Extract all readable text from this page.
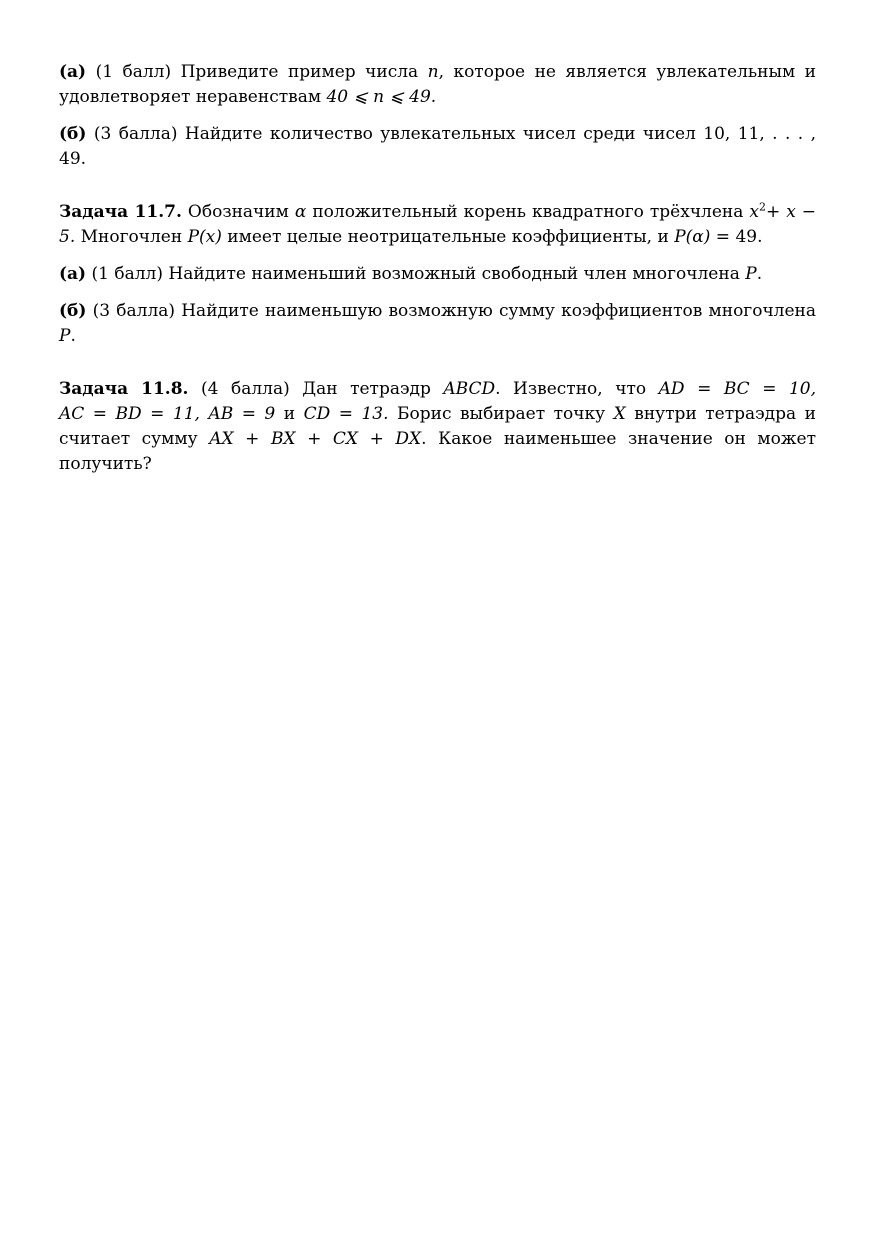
(а) (1 балл) Приведите пример числа n, которое не является увлекательным и удовлетворяет неравенствам 40 ⩽ n ⩽ 49.

(б) (3 балла) Найдите количество увлекательных чисел среди чисел 10, 11, . . . , 49.

Задача 11.7. Обозначим α положительный корень квадратного трёхчлена $x^2+ x - 5$. Многочлен P(x) имеет целые неотрицательные коэффициенты, и P(α) = 49.

(а) (1 балл) Найдите наименьший возможный свободный член многочлена P.

(б) (3 балла) Найдите наименьшую возможную сумму коэффициентов многочлена P.

Задача 11.8. (4 балла) Дан тетраэдр ABCD. Известно, что AD = BC = 10, AC = BD = 11, AB = 9 и CD = 13. Борис выбирает точку X внутри тетраэдра и считает сумму AX + BX + CX + DX. Какое наименьшее значение он может получить?
